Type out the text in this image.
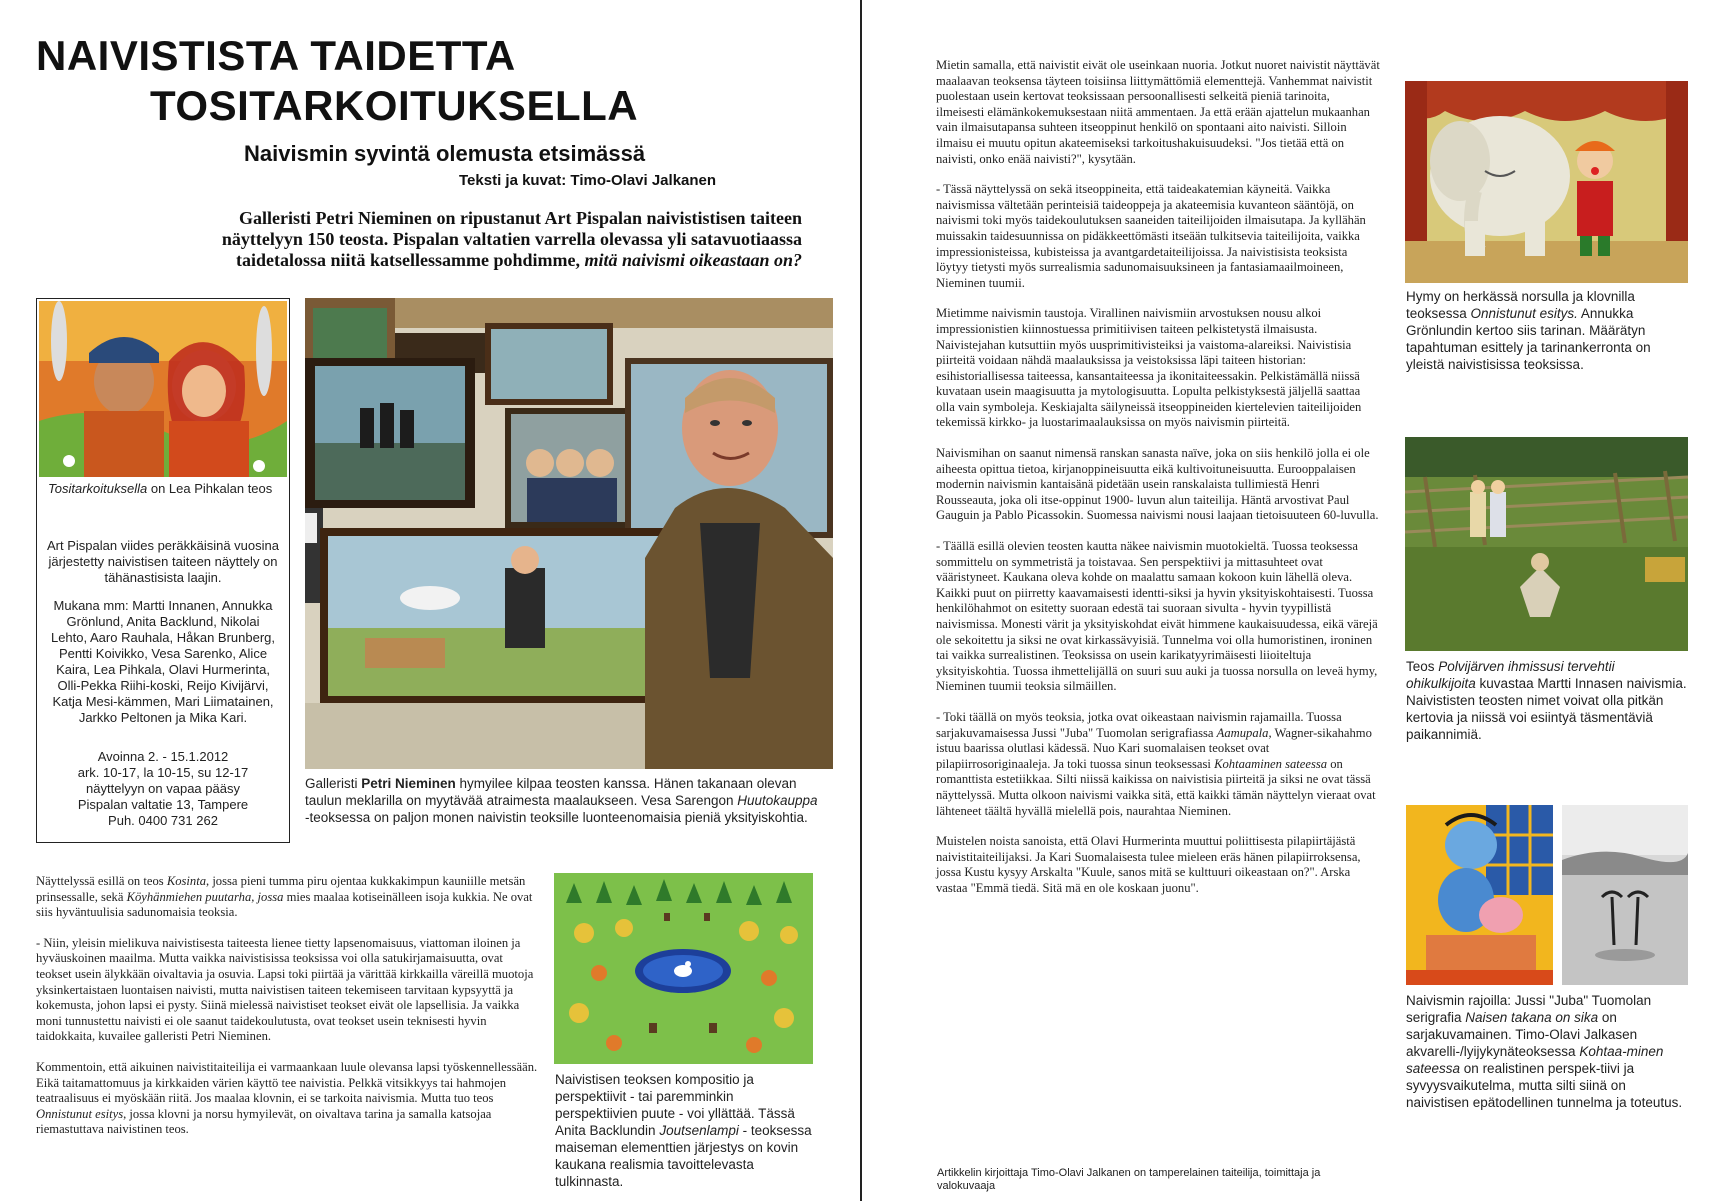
NAIVISTISTA TAIDETTA
TOSITARKOITUKSELLA
Naivismin syvintä olemusta etsimässä
Teksti ja kuvat: Timo-Olavi Jalkanen
Galleristi Petri Nieminen on ripustanut Art Pispalan naivististisen taiteen
näyttelyyn 150 teosta. Pispalan valtatien varrella olevassa yli satavuotiaassa
taidetalossa niitä katsellessamme pohdimme, mitä naivismi oikeastaan on?
Tositarkoituksella on Lea Pihkalan teos
Art Pispalan viides peräkkäisinä vuosina järjestetty naivistisen taiteen näyttely on tähänastisista laajin.
Mukana mm: Martti Innanen, Annukka Grönlund, Anita Backlund, Nikolai Lehto, Aaro Rauhala, Håkan Brunberg, Pentti Koivikko, Vesa Sarenko, Alice Kaira, Lea Pihkala, Olavi Hurmerinta, Olli-Pekka Riihi-koski, Reijo Kivijärvi, Katja Mesi-kämmen, Mari Liimatainen, Jarkko Peltonen ja Mika Kari.
Avoinna 2. - 15.1.2012
ark. 10-17, la 10-15, su 12-17
näyttelyyn on vapaa pääsy
Pispalan valtatie 13, Tampere
Puh. 0400 731 262
Galleristi Petri Nieminen hymyilee kilpaa teosten kanssa. Hänen takanaan olevan taulun meklarilla on myytävää atraimesta maalaukseen. Vesa Sarengon Huutokauppa -teoksessa on paljon monen naivistin teoksille luonteenomaisia pieniä yksityiskohtia.

Näyttelyssä esillä on teos Kosinta, jossa pieni tumma piru ojentaa kukkakimpun kauniille metsän prinsessalle, sekä Köyhänmiehen puutarha, jossa mies maalaa kotiseinälleen isoja kukkia. Ne ovat siis hyväntuulisia sadunomaisia teoksia.

- Niin, yleisin mielikuva naivistisesta taiteesta lienee tietty lapsenomaisuus, viattoman iloinen ja hyväuskoinen maailma. Mutta vaikka naivistisissa teoksissa voi olla satukirjamaisuutta, ovat teokset usein älykkään oivaltavia ja osuvia. Lapsi toki piirtää ja värittää kirkkailla väreillä muotoja yksinkertaistaen luontaisen naivisti, mutta naivistisen taiteen tekemiseen tarvitaan kypsyyttä ja kokemusta, johon lapsi ei pysty. Siinä mielessä naivistiset teokset eivät ole lapsellisia. Ja vaikka moni tunnustettu naivisti ei ole saanut taidekoulutusta, ovat teokset usein teknisesti hyvin taidokkaita, kuvailee galleristi Petri Nieminen.

Kommentoin, että aikuinen naivistitaiteilija ei varmaankaan luule olevansa lapsi työskennellessään. Eikä taitamattomuus ja kirkkaiden värien käyttö tee naivistia. Pelkkä vitsikkyys tai hahmojen teatraalisuus ei myöskään riitä. Jos maalaa klovnin, ei se tarkoita naivismia. Mutta tuo teos Onnistunut esitys, jossa klovni ja norsu hymyilevät, on oivaltava tarina ja samalla katsojaa riemastuttava naivistinen teos.

Naivistisen teoksen kompositio ja perspektiivit - tai paremminkin perspektiivien puute - voi yllättää. Tässä Anita Backlundin Joutsenlampi - teoksessa maiseman elementtien järjestys on kovin kaukana realismia tavoittelevasta tulkinnasta.

Mietin samalla, että naivistit eivät ole useinkaan nuoria. Jotkut nuoret naivistit näyttävät maalaavan teoksensa täyteen toisiinsa liittymättömiä elementtejä. Vanhemmat naivistit puolestaan usein kertovat teoksissaan persoonallisesti selkeitä pieniä tarinoita, ilmeisesti elämänkokemuksestaan niitä ammentaen. Ja että erään ajattelun mukaanhan vain ilmaisutapansa suhteen itseoppinut henkilö on spontaani aito naivisti. Silloin ilmaisu ei muutu opitun akateemiseksi tarkoitushakuisuudeksi. "Jos tietää että on naivisti, onko enää naivisti?", kysytään.

- Tässä näyttelyssä on sekä itseoppineita, että taideakatemian käyneitä. Vaikka naivismissa vältetään perinteisiä taideoppeja ja akateemisia kuvanteon sääntöjä, on naivismi toki myös taidekoulutuksen saaneiden taiteilijoiden ilmaisutapa. Ja kyllähän muissakin taidesuunnissa on pidäkkeettömästi itseään tulkitsevia taiteilijoita, vaikka impressionisteissa, kubisteissa ja avantgardetaiteilijoissa. Ja naivistisista teoksista löytyy tietysti myös surrealismia sadunomaisuuksineen ja fantasiamaailmoineen, Nieminen tuumii.

Mietimme naivismin taustoja. Virallinen naivismiin arvostuksen nousu alkoi impressionistien kiinnostuessa primitiivisen taiteen pelkistetystä ilmaisusta. Naivistejahan kutsuttiin myös uusprimitivisteiksi ja vaistoma-alareiksi. Naivistisia piirteitä voidaan nähdä maalauksissa ja veistoksissa läpi taiteen historian: esihistoriallisessa taiteessa, kansantaiteessa ja ikonitaiteessakin. Pelkistämällä niissä kuvataan usein maagisuutta ja mytologisuutta. Lopulta pelkistyksestä jäljellä saattaa olla vain symboleja. Keskiajalta säilyneissä itseoppineiden kiertelevien taiteilijoiden tekemissä kirkko- ja luostarimaalauksissa on myös naivismin piirteitä.

Naivismihan on saanut nimensä ranskan sanasta naïve, joka on siis henkilö jolla ei ole aiheesta opittua tietoa, kirjanoppineisuutta eikä kultivoituneisuutta. Eurooppalaisen modernin naivismin kantaisänä pidetään usein ranskalaista tullimiestä Henri Rousseauta, joka oli itse-oppinut 1900- luvun alun taiteilija. Häntä arvostivat Paul Gauguin ja Pablo Picassokin. Suomessa naivismi nousi laajaan tietoisuuteen 60-luvulla.

- Täällä esillä olevien teosten kautta näkee naivismin muotokieltä. Tuossa teoksessa sommittelu on symmetristä ja toistavaa. Sen perspektiivi ja mittasuhteet ovat vääristyneet. Kaukana oleva kohde on maalattu samaan kokoon kuin lähellä oleva. Kaikki puut on piirretty kaavamaisesti identti-siksi ja hyvin yksityiskohtaisesti. Tuossa henkilöhahmot on esitetty suoraan edestä tai suoraan sivulta - hyvin tyypillistä naivismissa. Monesti värit ja yksityiskohdat eivät himmene kaukaisuudessa, eikä värejä ole sekoitettu ja siksi ne ovat kirkassävyisiä. Tunnelma voi olla humoristinen, ironinen tai vaikka surrealistinen. Teoksissa on usein karikatyyrimäisesti liioiteltuja yksityiskohtia. Tuossa ihmettelijällä on suuri suu auki ja tuossa norsulla on leveä hymy, Nieminen tuumii teoksia silmäillen.

- Toki täällä on myös teoksia, jotka ovat oikeastaan naivismin rajamailla. Tuossa sarjakuvamaisessa Jussi "Juba" Tuomolan serigrafiassa Aamupala, Wagner-sikahahmo istuu baarissa olutlasi kädessä. Nuo Kari suomalaisen teokset ovat pilapiirrosoriginaaleja. Ja toki tuossa sinun teoksessasi Kohtaaminen sateessa on romanttista estetiikkaa. Silti niissä kaikissa on naivistisia piirteitä ja siksi ne ovat tässä näyttelyssä. Mutta olkoon naivismi vaikka sitä, että kaikki tämän näyttelyn vieraat ovat lähteneet täältä hyvällä mielellä pois, naurahtaa Nieminen.

Muistelen noista sanoista, että Olavi Hurmerinta muuttui poliittisesta pilapiirtäjästä naivistitaiteilijaksi. Ja Kari Suomalaisesta tulee mieleen eräs hänen pilapiirroksensa, jossa Kustu kysyy Arskalta "Kuule, sanos mitä se kulttuuri oikeastaan on?". Arska vastaa "Emmä tiedä. Sitä mä en ole koskaan juonu".

Artikkelin kirjoittaja Timo-Olavi Jalkanen on tamperelainen taiteilija, toimittaja ja valokuvaaja
Hymy on herkässä norsulla ja klovnilla teoksessa Onnistunut esitys. Annukka Grönlundin kertoo siis tarinan. Määrätyn tapahtuman esittely ja tarinankerronta on yleistä naivistisissa teoksissa.
Teos Polvijärven ihmissusi tervehtii ohikulkijoita kuvastaa Martti Innasen naivismia. Naivististen teosten nimet voivat olla pitkän kertovia ja niissä voi esiintyä täsmentäviä paikannimiä.
Naivismin rajoilla: Jussi "Juba" Tuomolan serigrafia Naisen takana on sika on sarjakuvamainen. Timo-Olavi Jalkasen akvarelli-/lyijykynäteoksessa Kohtaa-minen sateessa on realistinen perspek-tiivi ja syvyysvaikutelma, mutta silti siinä on naivistisen epätodellinen tunnelma ja toteutus.
